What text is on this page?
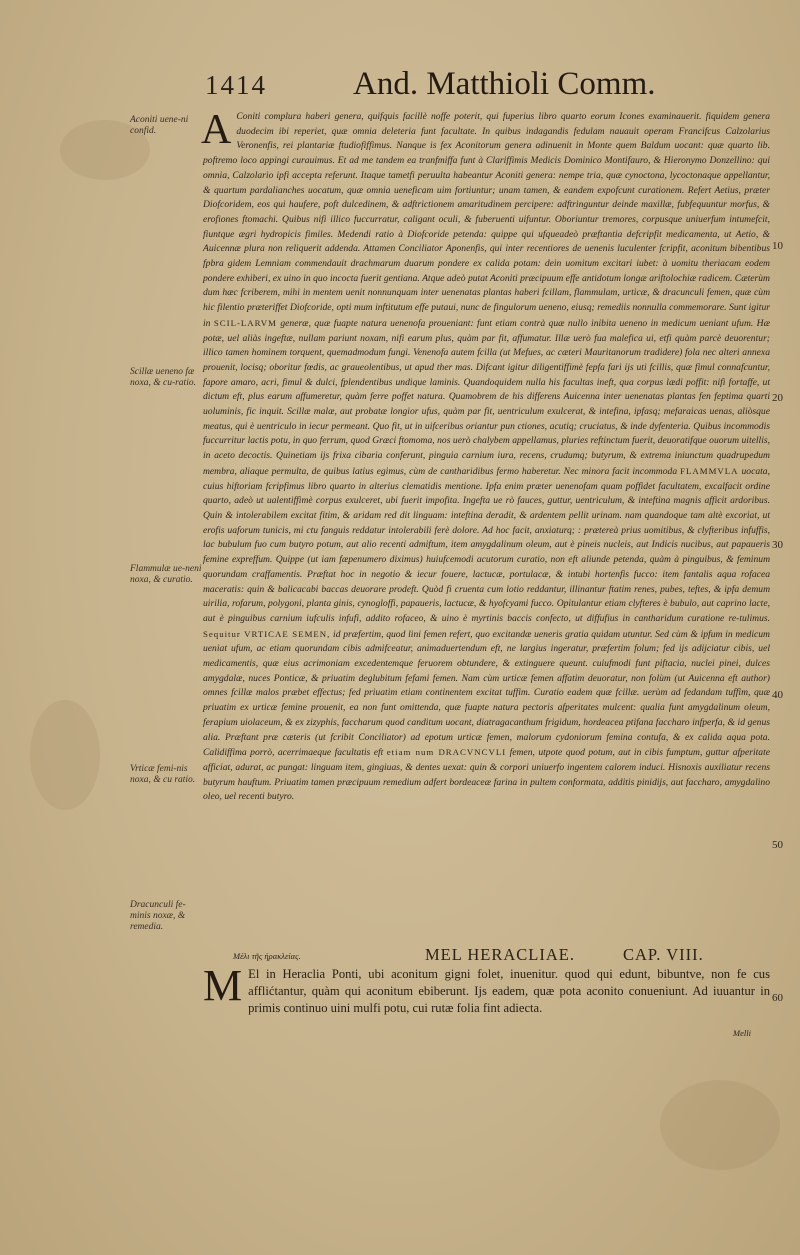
1414	And. Matthioli Comm.
Aconiti uene-ni confid.
Scillæ ueneno fæ noxa, & cu-ratio.
Flammulæ ue-neni noxa, & curatio.
Vrticæ femi-nis noxa, & cu ratio.
Dracunculi fe-minis noxæ, & remedia.
10
20
30
40
50
60

A Coniti complura haberi genera, quifquis facillè noffe poterit, qui fuperius libro quarto eorum Icones examinauerit. fiquidem genera duodecim ibi reperiet, quæ omnia deleteria funt facultate. In quibus indagandis fedulam nauauit operam Francifcus Calzolarius Veronenfis, rei plantariæ ftudiofiffimus. Nanque is fex Aconitorum genera adinuenit in Monte quem Baldum uocant: quæ quarto lib. poftremo loco appingi curauimus. Et ad me tandem ea tranfmiffa funt à Clariffimis Medicis Dominico Montifauro, & Hieronymo Donzellino: qui omnia, Calzolario ipfi accepta referunt. Itaque tametfi peruulta habeantur Aconiti genera: nempe tria, quæ cynoctona, lycoctonaque appellantur, & quartum pardalianches uocatum, quæ omnia ueneficam uim fortiuntur; unam tamen, & eandem expofcunt curationem. Refert Aetius, præter Diofcoridem, eos qui haufere, poft dulcedinem, & adftrictionem amaritudinem percipere: adftringuntur deinde maxillæ, fubfequuntur morfus, & erofiones ftomachi. Quibus nifi illico fuccurratur, caligant oculi, & fuberuenti uifuntur. Oboriuntur tremores, corpusque uniuerfum intumefcit, fiuntque ægri hydropicis fimiles. Medendi ratio à Diofcoride petenda: quippe qui ufqueadeò præftantia defcripfit medicamenta, ut Aetio, & Auicennæ plura non reliquerit addenda. Attamen Conciliator Aponenfis, qui inter recentiores de uenenis luculenter fcripfit, aconitum bibentibus fpbra gidem Lemniam commendauit drachmarum duarum pondere ex calida potam: dein uomitum excitari iubet: à uomitu theriacam eodem pondere exhiberi, ex uino in quo incocta fuerit gentiana. Atque adeò putat Aconiti præcipuum effe antidotum longæ ariftolochiæ radicem. Cæterùm dum hæc fcriberem, mihi in mentem uenit nonnunquam inter uenenatas plantas haberi fcillam, flammulam, urticæ, & dracunculi femen, quæ cùm hic filentio præteriffet Diofcoride, opti mum inftitutum effe putaui, nunc de fingulorum ueneno, eiusq; remediis nonnulla commemorare. Sunt igitur in SCIL-LARVM generæ, quæ fuapte natura uenenofa proueniant: funt etiam contrà quæ nullo inibita ueneno in medicum ueniant ufum. Hæ potæ, uel aliàs ingeftæ, nullam pariunt noxam, nifi earum plus, quàm par fit, affumatur. Illæ uerò fua malefica ui, etfi quàm parcè deuorentur; illico tamen hominem torquent, quemadmodum fungi. Venenofa autem fcilla (ut Mefues, ac cæteri Mauritanorum tradidere) fola nec alteri annexa prouenit, locisq; oboritur fœdis, ac graueolentibus, ut apud ther mas. Difcant igitur diligentiffimè fepfa fari ijs uti fcillis, quæ fimul connafcuntur, fapore amaro, acri, fimul & dulci, fplendentibus undique laminis. Quandoquidem nulla his facultas ineft, qua corpus lædi poffit: nifi fortaffe, ut dictum eft, plus earum affumeretur, quàm ferre poffet natura. Quamobrem de his differens Auicenna inter uenenatas plantas fen feptima quarti uoluminis, fic inquit. Scillæ malæ, aut probatæ longior ufus, quàm par fit, uentriculum exulcerat, & intefina, ipfasq; mefaraicas uenas, aliòsque meatus, qui è uentriculo in iecur permeant. Quo fit, ut in uifceribus oriantur pun ctiones, acutiq; cruciatus, & inde dyfenteria. Quibus incommodis fuccurritur lactis potu, in quo ferrum, quod Græci ftomoma, nos uerò chalybem appellamus, pluries reftinctum fuerit, deuoratifque ouorum uitellis, in aceto decoctis. Quinetiam ijs frixa cibaria conferunt, pinguia carnium iura, recens, crudumq; butyrum, & extrema iniunctum quadrupedum membra, aliaque permulta, de quibus latius egimus, cùm de cantharidibus fermo haberetur. Nec minora facit incommoda FLAMMVLA uocata, cuius hiftoriam fcripfimus libro quarto in alterius clematidis mentione. Ipfa enim præter uenenofam quam poffidet facultatem, excalfacit ordine quarto, adeò ut ualentiffimè corpus exulceret, ubi fuerit impofita. Ingefta ue rò fauces, guttur, uentriculum, & inteftina magnis afficit ardoribus. Quin & intolerabilem excitat fitim, & aridam red dit linguam: inteftina deradit, & ardentem pellit urinam. nam quandoque tam altè excoriat, ut erofis uaforum tunicis, mi ctu fanguis reddatur intolerabili ferè dolore. Ad hoc facit, anxiaturq; : prætereà prius uomitibus, & clyfteribus infuffis, lac bubulum fuo cum butyro potum, aut alio recenti admiftum, item amygdalinum oleum, aut è pineis nucleis, aut Indicis nucibus, aut papaueris femine expreffum. Quippe (ut iam fæpenumero diximus) huiufcemodi acutorum curatio, non eft aliunde petenda, quàm à pinguibus, & feminum quorundam craffamentis. Præftat hoc in negotio & iecur fouere, lactucæ, portulacæ, & intubi hortenfis fucco: item fantalis aqua rofacea maceratis: quin & balicacabi baccas deuorare prodeft. Quòd fi cruenta cum lotio reddantur, illinantur ftatim renes, pubes, teftes, & ipfa demum uirilia, rofarum, polygoni, planta ginis, cynogloffi, papaueris, lactucæ, & hyofcyami fucco. Opitulantur etiam clyfteres è bubulo, aut caprino lacte, aut è pinguibus carnium iufculis infufi, addito rofaceo, & uino è myrtinis baccis confecto, ut diffufius in cantharidum curatione re-tulimus. Sequitur VRTICAE SEMEN, id præfertim, quod lini femen refert, quo excitandæ ueneris gratia quidam utuntur. Sed cùm & ipfum in medicum ueniat ufum, ac etiam quorundam cibis admifceatur, animaduertendum eft, ne largius ingeratur, præfertim folum; fed ijs adijciatur cibis, uel medicamentis, quæ eius acrimoniam excedentemque feruorem obtundere, & extinguere queunt. cuiufmodi funt piftacia, nuclei pinei, dulces amygdalæ, nuces Ponticæ, & priuatim deglubitum fefami femen. Nam cùm urticæ femen affatim deuoratur, non folùm (ut Auicenna eft author) omnes fcillæ malos præbet effectus; fed priuatim etiam continentem excitat tuffim. Curatio eadem quæ fcillæ. uerùm ad fedandam tuffim, quæ priuatim ex urticæ femine prouenit, ea non funt omittenda, quæ fuapte natura pectoris afperitates mulcent: qualia funt amygdalinum oleum, ferapium uiolaceum, & ex zizyphis, faccharum quod canditum uocant, diatragacanthum frigidum, hordeacea ptifana faccharo infperfa, & id genus alia. Præftant præ cæteris (ut fcribit Conciliator) ad epotum urticæ femen, malorum cydoniorum femina contufa, & ex calida aqua pota. Calidiffima porrò, acerrimaeque facultatis eft etiam num DRACVNCVLI femen, utpote quod potum, aut in cibis fumptum, guttur afperitate afficiat, adurat, ac pungat: linguam item, gingiuas, & dentes uexat: quin & corpori uniuerfo ingentem calorem induci. Hisnoxis auxiliatur recens butyrum hauftum. Priuatim tamen præcipuum remedium adfert bordeaceæ farina in pultem conformata, additis pinidijs, aut faccharo, amygdalino oleo, uel recenti butyro.

Μέλι τῆς ἡρακλείας.	MEL HERACLIAE.	CAP. VIII.
M El in Heraclia Ponti, ubi aconitum gigni folet, inuenitur. quod qui edunt, bibuntve, non fe cus afflićtantur, quàm qui aconitum ebiberunt. Ijs eadem, quæ pota aconito conueniunt. Ad iuuantur in primis continuo uini mulfi potu, cui rutæ folia fint adiecta.
Melli
